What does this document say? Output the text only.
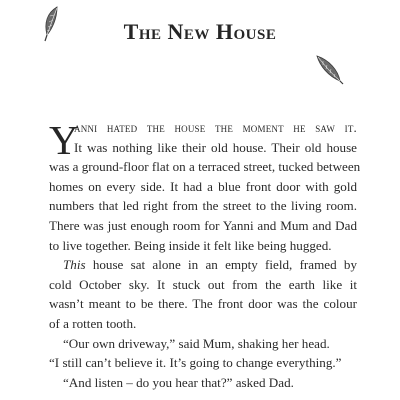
The New House
Y
anni hated the house the moment he saw it.
It was nothing like their old house. Their old house
was a ground-floor flat on a terraced street, tucked between
homes on every side. It had a blue front door with gold
numbers that led right from the street to the living room.
There was just enough room for Yanni and Mum and Dad
to live together. Being inside it felt like being hugged.
This house sat alone in an empty field, framed by
cold October sky. It stuck out from the earth like it
wasn’t meant to be there. The front door was the colour
of a rotten tooth.
“Our own driveway,” said Mum, shaking her head.
“I still can’t believe it. It’s going to change everything.”
“And listen – do you hear that?” asked Dad.
